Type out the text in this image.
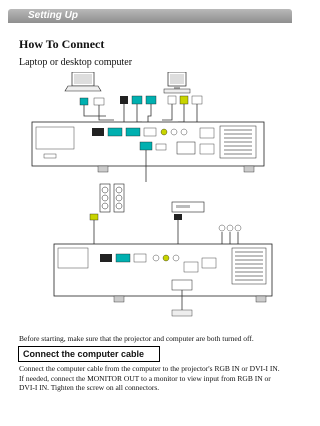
Setting Up
How To Connect
Laptop or desktop computer
Before starting, make sure that the projector and computer are both turned off.
Connect the computer cable
Connect the computer cable from the computer to the projector's RGB IN or DVI-I IN.
If needed, connect the MONITOR OUT to a monitor to view input from RGB IN or DVI-I IN. Tighten the screw on all connectors.
